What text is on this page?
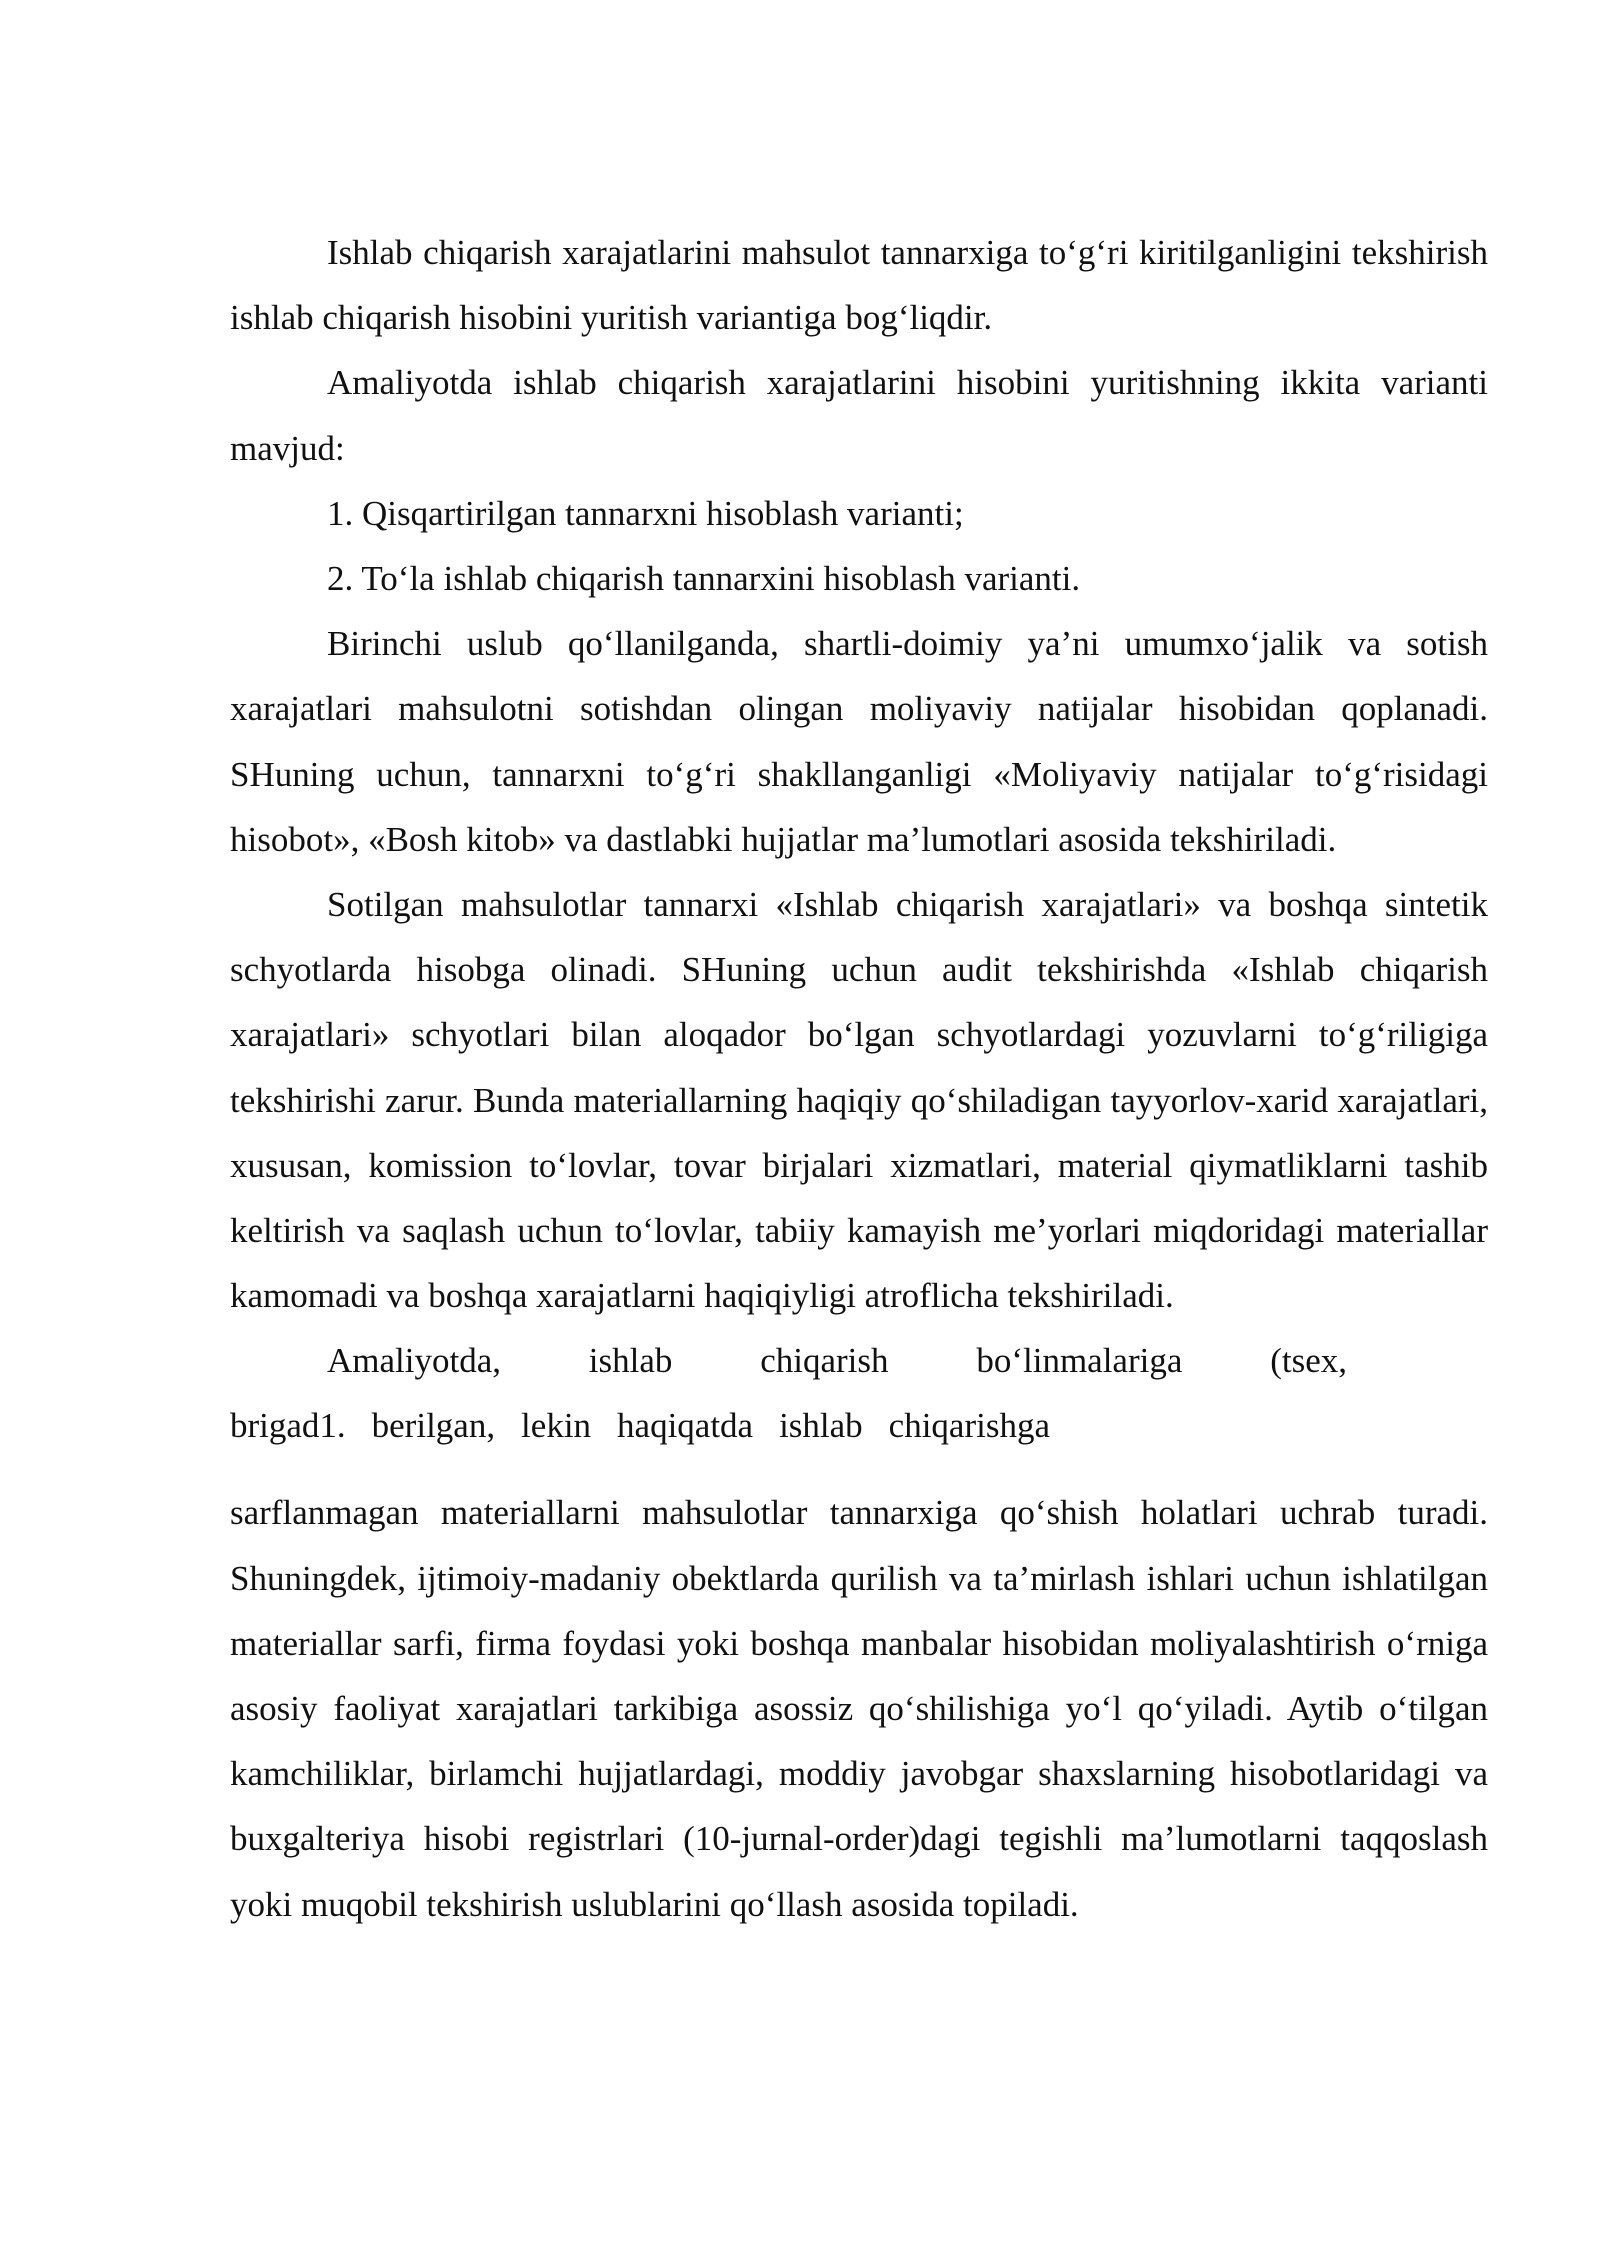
Ishlab chiqarish xarajatlarini mahsulot tannarxiga to‘g‘ri kiritilganligini tekshirish ishlab chiqarish hisobini yuritish variantiga bog‘liqdir.

Amaliyotda ishlab chiqarish xarajatlarini hisobini yuritishning ikkita varianti mavjud:

1. Qisqartirilgan tannarxni hisoblash varianti;

2. To‘la ishlab chiqarish tannarxini hisoblash varianti.

Birinchi uslub qo‘llanilganda, shartli-doimiy ya’ni umumxo‘jalik va sotish xarajatlari mahsulotni sotishdan olingan moliyaviy natijalar hisobidan qoplanadi. SHuning uchun, tannarxni to‘g‘ri shakllanganligi «Moliyaviy natijalar to‘g‘risidagi hisobot», «Bosh kitob» va dastlabki hujjatlar ma’lumotlari asosida tekshiriladi.

Sotilgan mahsulotlar tannarxi «Ishlab chiqarish xarajatlari» va boshqa sintetik schyotlarda hisobga olinadi. SHuning uchun audit tekshirishda «Ishlab chiqarish xarajatlari» schyotlari bilan aloqador bo‘lgan schyotlardagi yozuvlarni to‘g‘riligiga tekshirishi zarur. Bunda materiallarning haqiqiy qo‘shiladigan tayyorlov-xarid xarajatlari, xususan, komission to‘lovlar, tovar birjalari xizmatlari, material qiymatliklarni tashib keltirish va saqlash uchun to‘lovlar, tabiiy kamayish me’yorlari miqdoridagi materiallar kamomadi va boshqa xarajatlarni haqiqiyligi atroflicha tekshiriladi.

Amaliyotda, ishlab chiqarish bo‘linmalariga (tsex,
brigad1. berilgan, lekin haqiqatda ishlab chiqarishga

sarflanmagan materiallarni mahsulotlar tannarxiga qo‘shish holatlari uchrab turadi. Shuningdek, ijtimoiy-madaniy obektlarda qurilish va ta’mirlash ishlari uchun ishlatilgan materiallar sarfi, firma foydasi yoki boshqa manbalar hisobidan moliyalashtirish o‘rniga asosiy faoliyat xarajatlari tarkibiga asossiz qo‘shilishiga yo‘l qo‘yiladi. Aytib o‘tilgan kamchiliklar, birlamchi hujjatlardagi, moddiy javobgar shaxslarning hisobotlaridagi va buxgalteriya hisobi registrlari (10-jurnal-order)dagi tegishli ma’lumotlarni taqqoslash yoki muqobil tekshirish uslublarini qo‘llash asosida topiladi.
